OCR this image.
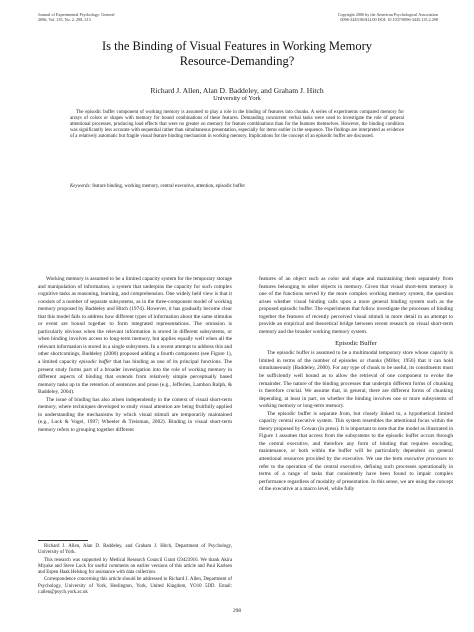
Journal of Experimental Psychology: General
2006, Vol. 135, No. 2, 298–313
Copyright 2006 by the American Psychological Association
0096-3445/06/$12.00 DOI: 10.1037/0096-3445.135.2.298
Is the Binding of Visual Features in Working Memory
Resource-Demanding?
Richard J. Allen, Alan D. Baddeley, and Graham J. Hitch
University of York

The episodic buffer component of working memory is assumed to play a role in the binding of features into chunks. A series of experiments compared memory for arrays of colors or shapes with memory for bound combinations of these features. Demanding concurrent verbal tasks were used to investigate the role of general attentional processes, producing load effects that were no greater on memory for feature combinations than for the features themselves. However, the binding condition was significantly less accurate with sequential rather than simultaneous presentation, especially for items earlier in the sequence. The findings are interpreted as evidence of a relatively automatic but fragile visual feature binding mechanism in working memory. Implications for the concept of an episodic buffer are discussed.

Keywords: feature binding, working memory, central executive, attention, episodic buffer

Working memory is assumed to be a limited capacity system for the temporary storage and manipulation of information, a system that underpins the capacity for such complex cognitive tasks as reasoning, learning, and comprehension. One widely held view is that it consists of a number of separate subsystems, as in the three-component model of working memory proposed by Baddeley and Hitch (1974). However, it has gradually become clear that this model fails to address how different types of information about the same stimulus or event are bound together to form integrated representations. The omission is particularly obvious when the relevant information is stored in different subsystems, or when binding involves access to long-term memory, but applies equally well when all the relevant information is stored in a single subsystem. In a recent attempt to address this and other shortcomings, Baddeley (2000) proposed adding a fourth component (see Figure 1), a limited capacity episodic buffer that has binding as one of its principal functions. The present study forms part of a broader investigation into the role of working memory in different aspects of binding that extends from relatively simple perceptually based memory tasks up to the retention of sentences and prose (e.g., Jefferies, Lambon Ralph, & Baddeley, 2004).

The issue of binding has also arisen independently in the context of visual short-term memory, where techniques developed to study visual attention are being fruitfully applied to understanding the mechanisms by which visual stimuli are temporarily maintained (e.g., Luck & Vogel, 1997; Wheeler & Treisman, 2002). Binding in visual short-term memory refers to grouping together different

Richard J. Allen, Alan D. Baddeley, and Graham J. Hitch, Department of Psychology, University of York.

This research was supported by Medical Research Council Grant G9423916. We thank Akira Miyake and Steve Luck for useful comments on earlier versions of this article and Paul Karlsen and Espen Haak Helskog for assistance with data collection.

Correspondence concerning this article should be addressed to Richard J. Allen, Department of Psychology, University of York, Heslington, York, United Kingdom, YO10 5DD. Email: r.allen@psych.york.ac.uk

features of an object such as color and shape and maintaining them separately from features belonging to other objects in memory. Given that visual short-term memory is one of the functions served by the more complex working memory system, the question arises whether visual binding calls upon a more general binding system such as the proposed episodic buffer. The experiments that follow investigate the processes of binding together the features of recently perceived visual stimuli in more detail in an attempt to provide an empirical and theoretical bridge between recent research on visual short-term memory and the broader working memory system.

Episodic Buffer

The episodic buffer is assumed to be a multimodal temporary store whose capacity is limited in terms of the number of episodes or chunks (Miller, 1956) that it can hold simultaneously (Baddeley, 2000). For any type of chunk to be useful, its constituents must be sufficiently well bound as to allow the retrieval of one component to evoke the remainder. The nature of the binding processes that underpin different forms of chunking is therefore crucial. We assume that, in general, there are different forms of chunking depending, at least in part, on whether the binding involves one or more subsystems of working memory or long-term memory.

The episodic buffer is separate from, but closely linked to, a hypothetical limited capacity central executive system. This system resembles the attentional focus within the theory proposed by Cowan (in press). It is important to note that the model as illustrated in Figure 1 assumes that access from the subsystems to the episodic buffer occurs through the central executive, and therefore any form of binding that requires encoding, maintenance, or both within the buffer will be particularly dependent on general attentional resources provided by the executive. We use the term executive processes to refer to the operation of the central executive, defining such processes operationally in terms of a range of tasks that consistently have been found to impair complex performance regardless of modality of presentation. In this sense, we are using the concept of the executive at a macro level, while fully

298
